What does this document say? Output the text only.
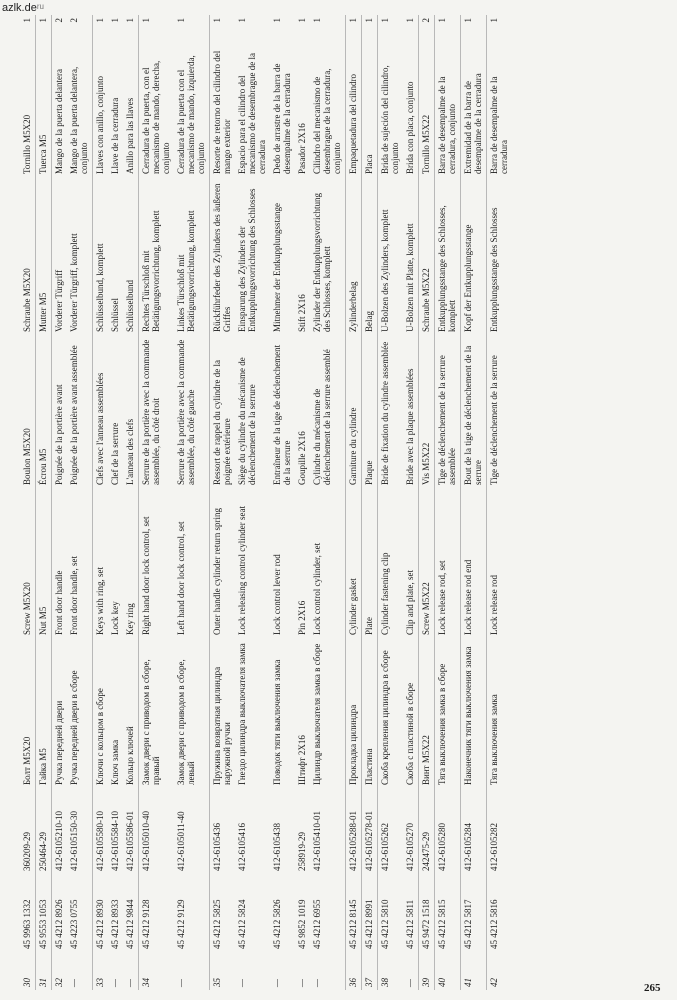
azlk.deru
30	45 9963 1332	360209-29	Болт M5X20	Screw M5X20	Boulon M5X20	Schraube M5X20	Tornillo M5X20	1
31	45 9553 1053	250464-29	Гайка M5	Nut M5	Écrou M5	Mutter M5	Tuerca M5	1
32	45 4212 8926	412-6105210-10	Ручка передней двери	Front door handle	Poignée de la portière avant	Vorderer Türgriff	Mango de la puerta delantera	2
—	45 4223 0755	412-6105150-30	Ручка передней двери в сборе	Front door handle, set	Poignée de la portière avant assemblée	Vorderer Türgriff, komplett	Mango de la puerta delantera, conjunto	2
33	45 4212 8930	412-6105580-10	Ключи с кольцом в сборе	Keys with ring, set	Clefs avec l'anneau assemblées	Schlüsselbund, komplett	Llaves con anillo, conjunto	1
—	45 4212 8933	412-6105584-10	Ключ замка	Lock key	Clef de la serrure	Schlüssel	Llave de la cerradura	1
—	45 4212 9844	412-6105586-01	Кольцо ключей	Key ring	L'anneau des clefs	Schlüsselbund	Anillo para las llaves	1
34	45 4212 9128	412-6105010-40	Замок двери с приводом в сборе, правый	Right hand door lock control, set	Serrure de la portière avec la commande assemblée, du côté droit	Rechtes Türschloß mit Betätigungsvorrichtung, komplett	Cerradura de la puerta, con el mecanismo de mando, derecha, conjunto	1
—	45 4212 9129	412-6105011-40	Замок двери с приводом в сборе, левый	Left hand door lock control, set	Serrure de la portière avec la commande assemblée, du côté gauche	Linkes Türschloß mit Betätigungsvorrichtung, komplett	Cerradura de la puerta con el mecanismo de mando, izquierda, conjunto	1
35	45 4212 5825	412-6105436	Пружина возвратная цилиндра наружной ручки	Outer handle cylinder return spring	Ressort de rappel du cylindre de la poignée extérieure	Rückführfeder des Zylinders des äußeren Griffes	Resorte de retorno del cilindro del mango exterior	1
—	45 4212 5824	412-6105416	Гнездо цилиндра выключателя замка	Lock releasing control cylinder seat	Siège du cylindre du mécanisme de déclenchement de la serrure	Einsparung des Zylinders der Entkupplungsvorrichtung des Schlosses	Espacio para el cilindro del mecanismo de desembrague de la cerradura	1
—	45 4212 5826	412-6105438	Поводок тяги выключения замка	Lock control lever rod	Entraîneur de la tige de déclenchement de la serrure	Mitnehmer der Entkupplungsstange	Dedo de arrastre de la barra de desempalme de la cerradura	1
—	45 9852 1019	258919-29	Штифт 2X16	Pin 2X16	Goupille 2X16	Stift 2X16	Pasador 2X16	1
—	45 4212 6955	412-6105410-01	Цилиндр выключателя замка в сборе	Lock control cylinder, set	Cylindre du mécanisme de déclenchement de la serrure assemblé	Zylinder der Entkupplungsvorrichtung des Schlosses, komplett	Cilindro del mecanismo de desembrague de la cerradura, conjunto	1
36	45 4212 8145	412-6105288-01	Прокладка цилиндра	Cylinder gasket	Garniture du cylindre	Zylinderbelag	Empaquetadura del cilindro	1
37	45 4212 8991	412-6105278-01	Пластина	Plate	Plaque	Belag	Placa	1
38	45 4212 5810	412-6105262	Скоба крепления цилиндра в сборе	Cylinder fastening clip	Bride de fixation du cylindre assemblée	U-Bolzen des Zylinders, komplett	Brida de sujeción del cilindro, conjunto	1
—	45 4212 5811	412-6105270	Скоба с пластиной в сборе	Clip and plate, set	Bride avec la plaque assemblées	U-Bolzen mit Platte, komplett	Brida con placa, conjunto	1
39	45 9472 1518	242475-29	Винт M5X22	Screw M5X22	Vis M5X22	Schraube M5X22	Tornillo M5X22	2
40	45 4212 5815	412-6105280	Тяга выключения замка в сборе	Lock release rod, set	Tige de déclenchement de la serrure assemblée	Entkupplungsstange des Schlosses, komplett	Barra de desempalme de la cerradura, conjunto	1
41	45 4212 5817	412-6105284	Наконечник тяги выключения замка	Lock release rod end	Bout de la tige de déclenchement de la serrure	Kopf der Entkupplungsstange	Extremidad de la barra de desempalme de la cerradura	1
42	45 4212 5816	412-6105282	Тяга выключения замка	Lock release rod	Tige de déclenchement de la serrure	Entkupplungsstange des Schlosses	Barra de desempalme de la cerradura	1
265
